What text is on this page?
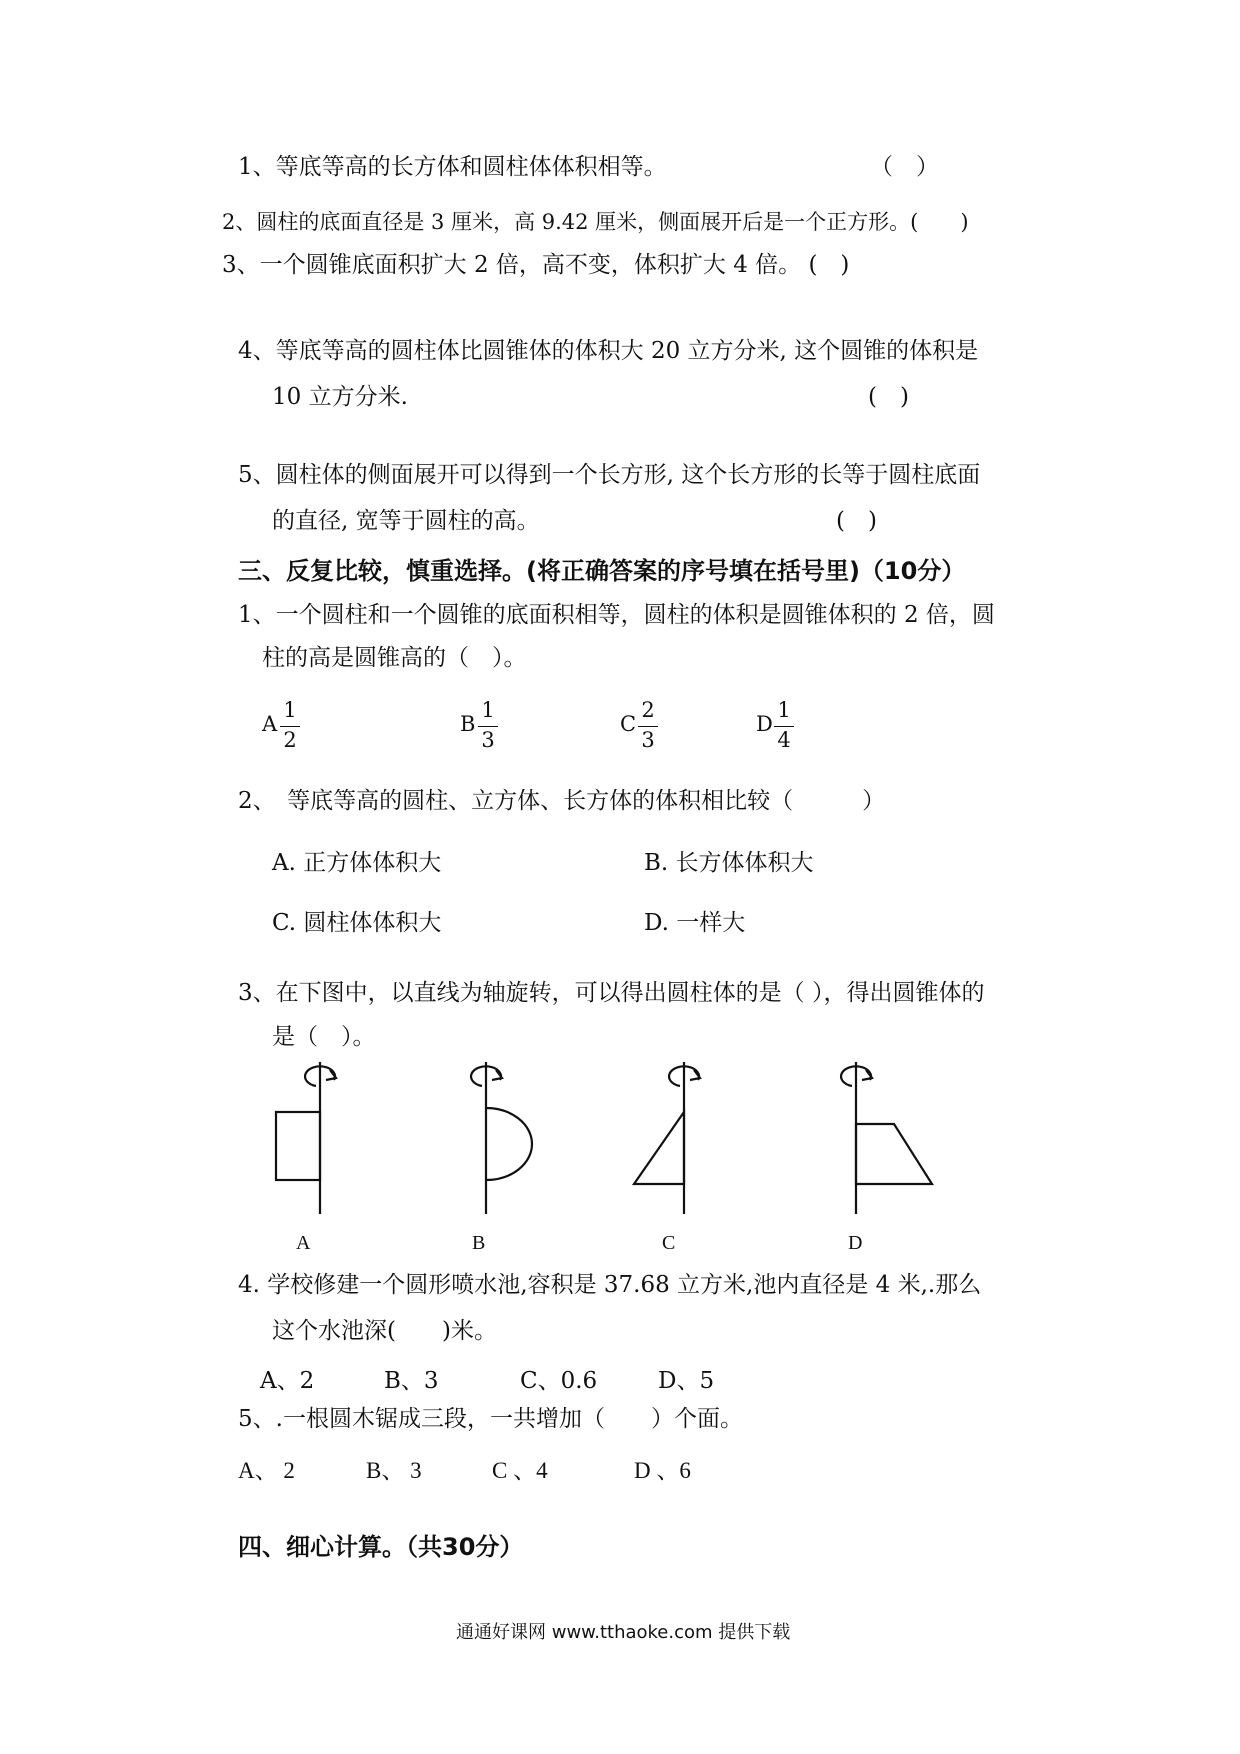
1、等底等高的长方体和圆柱体体积相等。	（　）
2、圆柱的底面直径是 3 厘米，高 9.42 厘米，侧面展开后是一个正方形。(　　)
3、一个圆锥底面积扩大 2 倍，高不变，体积扩大 4 倍。 (　)
4、等底等高的圆柱体比圆锥体的体积大 20 立方分米, 这个圆锥的体积是
10 立方分米.	(　)
5、圆柱体的侧面展开可以得到一个长方形, 这个长方形的长等于圆柱底面
的直径, 宽等于圆柱的高。	(　)
三、反复比较，慎重选择。(将正确答案的序号填在括号里)（10分）
1、一个圆柱和一个圆锥的底面积相等，圆柱的体积是圆锥体积的 2 倍，圆
柱的高是圆锥高的（　）。
A
1
2
B
1
3
C
2
3
D
1
4
2、　等底等高的圆柱、立方体、长方体的体积相比较（　　　）
A. 正方体体积大	B. 长方体体积大
C. 圆柱体体积大	D. 一样大
3、在下图中，以直线为轴旋转，可以得出圆柱体的是（ ），得出圆锥体的
是（　）。
A	B	C	D
4. 学校修建一个圆形喷水池,容积是 37.68 立方米,池内直径是 4 米,.那么
这个水池深(　　)米。
A、2	B、3	C、0.6	D、5
5、.一根圆木锯成三段，一共增加（　　）个面。
A、 2	B、 3	C 、4	D 、6
四、细心计算。（共30分）
通通好课网 www.tthaoke.com 提供下载
